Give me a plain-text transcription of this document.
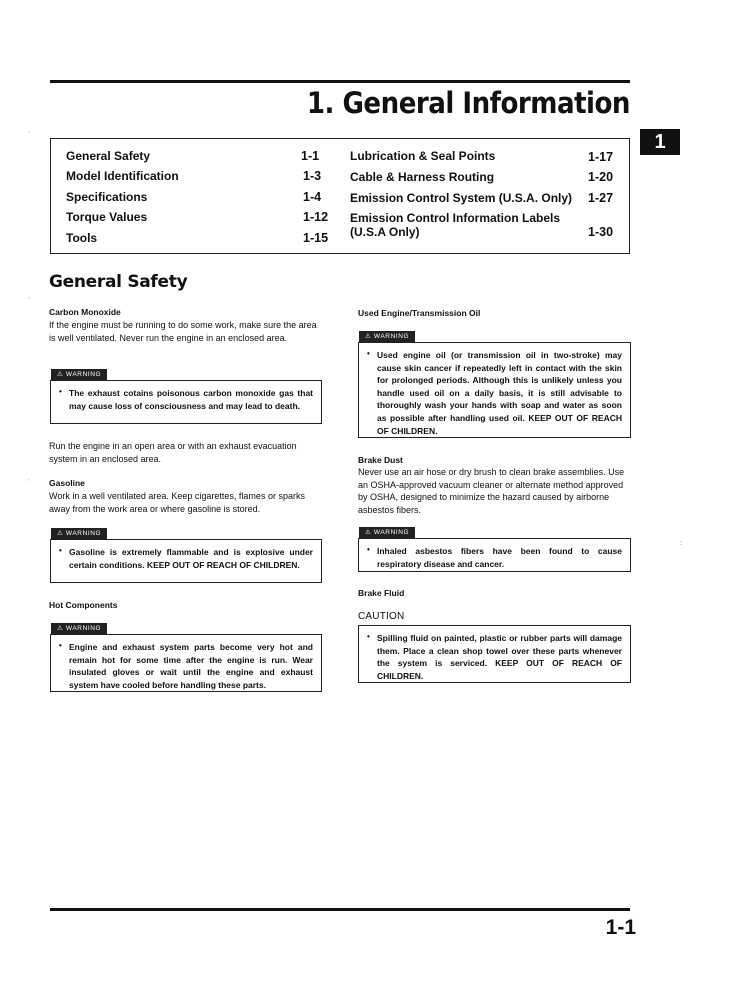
1. General Information
1
General Safety	1-1
Model Identification	1-3
Specifications	1-4
Torque Values	1-12
Tools	1-15
Lubrication & Seal Points	1-17
Cable & Harness Routing	1-20
Emission Control System (U.S.A. Only) 1-27
Emission Control Information Labels
(U.S.A Only)	1-30
General Safety
Carbon Monoxide
If the engine must be running to do some work, make sure the area is well ventilated. Never run the engine in an enclosed area.
⚠ WARNING
• The exhaust cotains poisonous carbon monoxide gas that may cause loss of consciousness and may lead to death.
Run the engine in an open area or with an exhaust evacuation system in an enclosed area.
Gasoline
Work in a well ventilated area. Keep cigarettes, flames or sparks away from the work area or where gasoline is stored.
⚠ WARNING
• Gasoline is extremely flammable and is explosive under certain conditions. KEEP OUT OF REACH OF CHILDREN.
Hot Components
⚠ WARNING
• Engine and exhaust system parts become very hot and remain hot for some time after the engine is run. Wear insulated gloves or wait until the engine and exhaust system have cooled before handling these parts.
Used Engine/Transmission Oil
⚠ WARNING
• Used engine oil (or transmission oil in two-stroke) may cause skin cancer if repeatedly left in contact with the skin for prolonged periods. Although this is unlikely unless you handle used oil on a daily basis, it is still advisable to thoroughly wash your hands with soap and water as soon as possible after handling used oil. KEEP OUT OF REACH OF CHILDREN.
Brake Dust
Never use an air hose or dry brush to clean brake assemblies. Use an OSHA-approved vacuum cleaner or alternate method approved by OSHA, designed to minimize the hazard caused by airborne asbestos fibers.
⚠ WARNING
• Inhaled asbestos fibers have been found to cause respiratory disease and cancer.
Brake Fluid
CAUTION
• Spilling fluid on painted, plastic or rubber parts will damage them. Place a clean shop towel over these parts whenever the system is serviced. KEEP OUT OF REACH OF CHILDREN.
1-1
`
`
`
:
